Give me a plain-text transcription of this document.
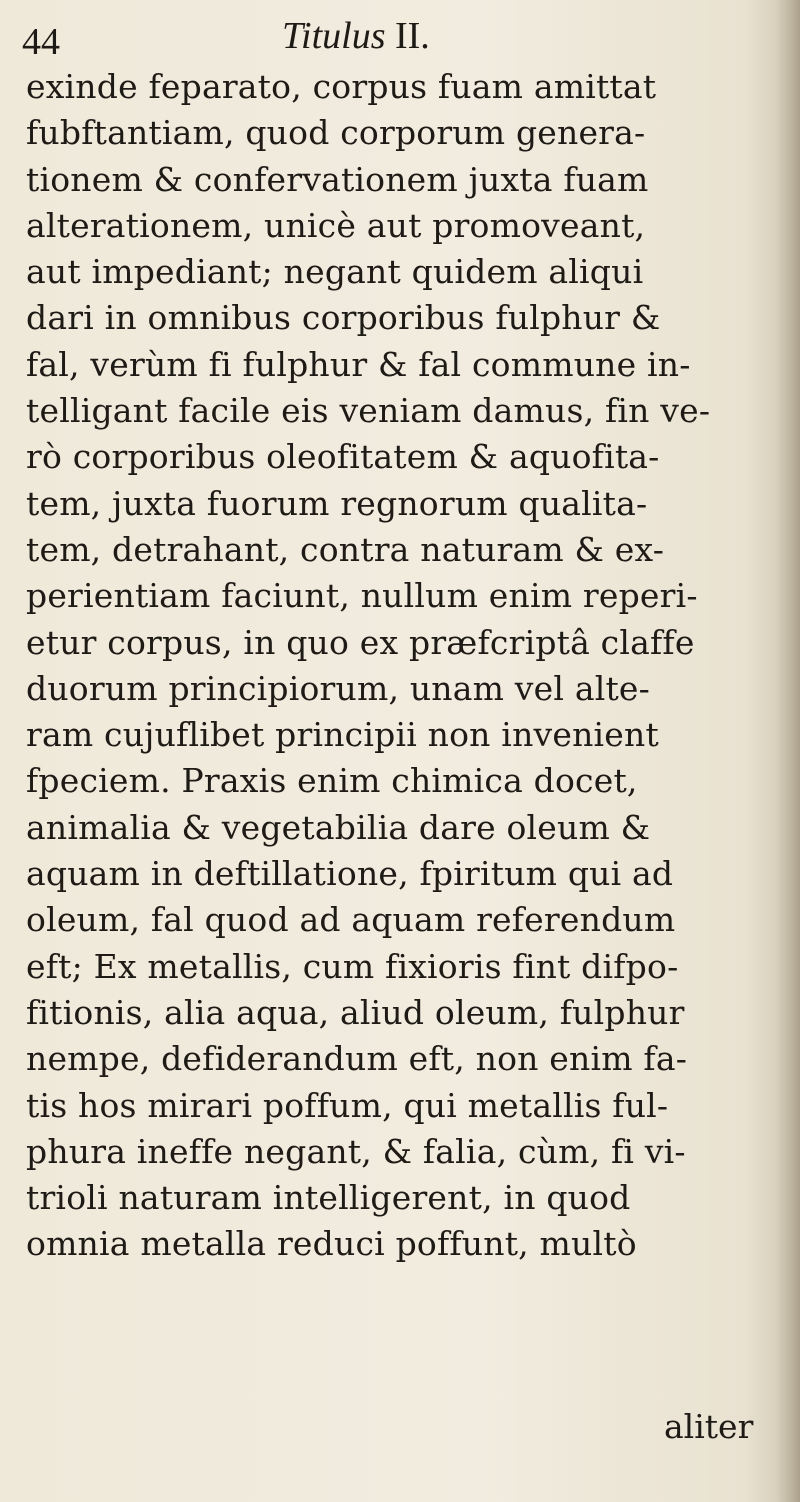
44	Titulus II.
exinde feparato, corpus fuam amittat
fubftantiam, quod corporum genera-
tionem & confervationem juxta fuam
alterationem, unicè aut promoveant,
aut impediant; negant quidem aliqui
dari in omnibus corporibus fulphur &
fal, verùm fi fulphur & fal commune in-
telligant facile eis veniam damus, fin ve-
rò corporibus oleofitatem & aquofita-
tem, juxta fuorum regnorum qualita-
tem, detrahant, contra naturam & ex-
perientiam faciunt, nullum enim reperi-
etur corpus, in quo ex præfcriptâ claffe
duorum principiorum, unam vel alte-
ram cujuflibet principii non invenient
fpeciem. Praxis enim chimica docet,
animalia & vegetabilia dare oleum &
aquam in deftillatione, fpiritum qui ad
oleum, fal quod ad aquam referendum
eft; Ex metallis, cum fixioris fint difpo-
fitionis, alia aqua, aliud oleum, fulphur
nempe, defiderandum eft, non enim fa-
tis hos mirari poffum, qui metallis ful-
phura ineffe negant, & falia, cùm, fi vi-
trioli naturam intelligerent, in quod
omnia metalla reduci poffunt, multò
aliter
